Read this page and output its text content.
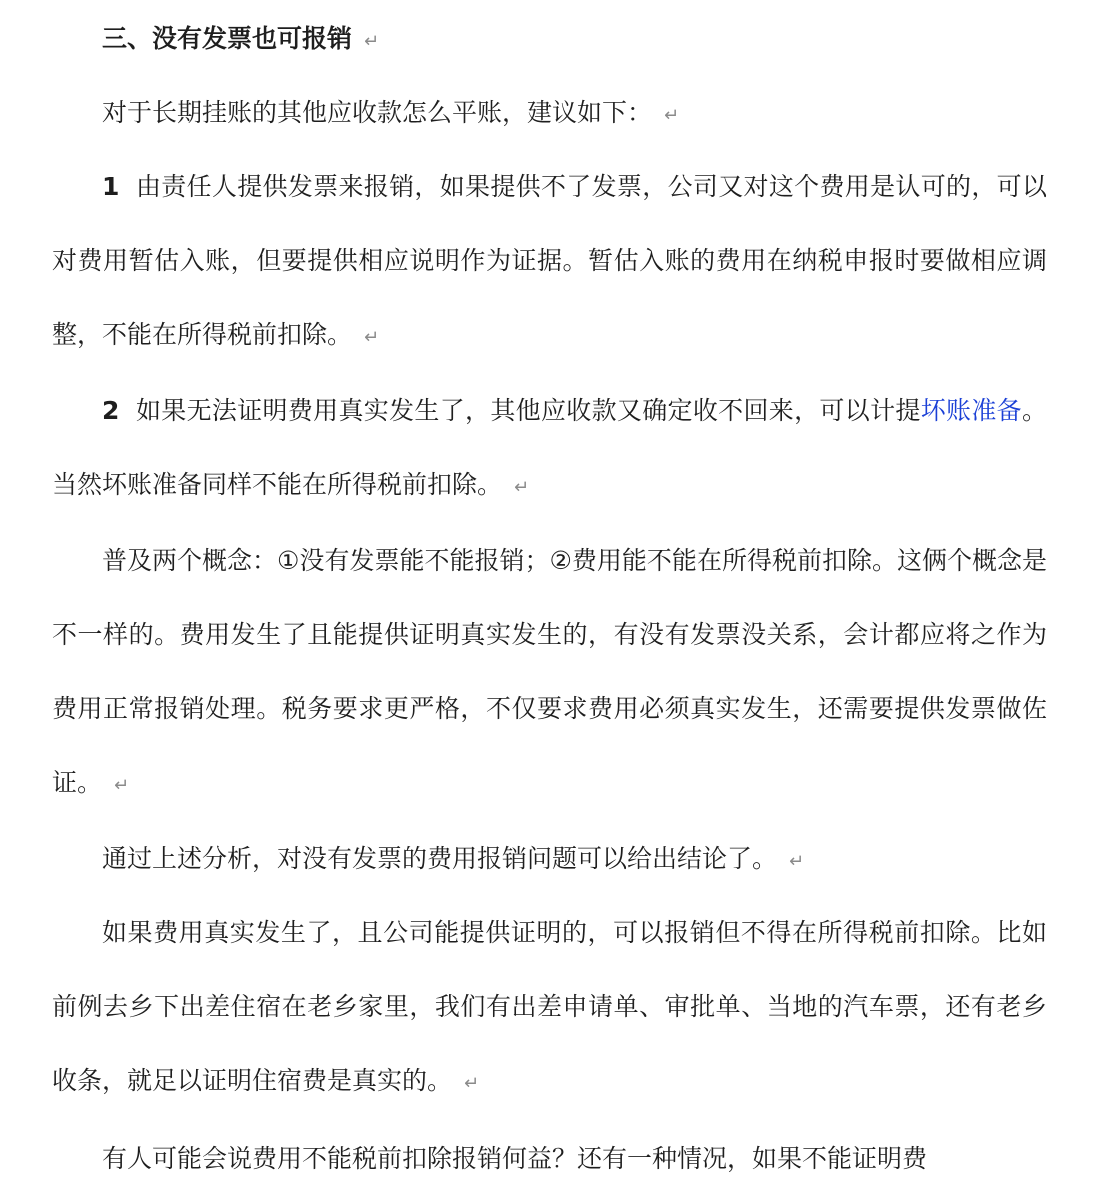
三、没有发票也可报销 ↵
对于长期挂账的其他应收款怎么平账，建议如下： ↵
1 由责任人提供发票来报销，如果提供不了发票，公司又对这个费用是认可的，可以对费用暂估入账，但要提供相应说明作为证据。暂估入账的费用在纳税申报时要做相应调整，不能在所得税前扣除。 ↵
2 如果无法证明费用真实发生了，其他应收款又确定收不回来，可以计提坏账准备。当然坏账准备同样不能在所得税前扣除。 ↵
普及两个概念：①没有发票能不能报销；②费用能不能在所得税前扣除。这俩个概念是不一样的。费用发生了且能提供证明真实发生的，有没有发票没关系，会计都应将之作为费用正常报销处理。税务要求更严格，不仅要求费用必须真实发生，还需要提供发票做佐证。 ↵
通过上述分析，对没有发票的费用报销问题可以给出结论了。 ↵
如果费用真实发生了，且公司能提供证明的，可以报销但不得在所得税前扣除。比如前例去乡下出差住宿在老乡家里，我们有出差申请单、审批单、当地的汽车票，还有老乡收条，就足以证明住宿费是真实的。 ↵
有人可能会说费用不能税前扣除报销何益？还有一种情况，如果不能证明费
